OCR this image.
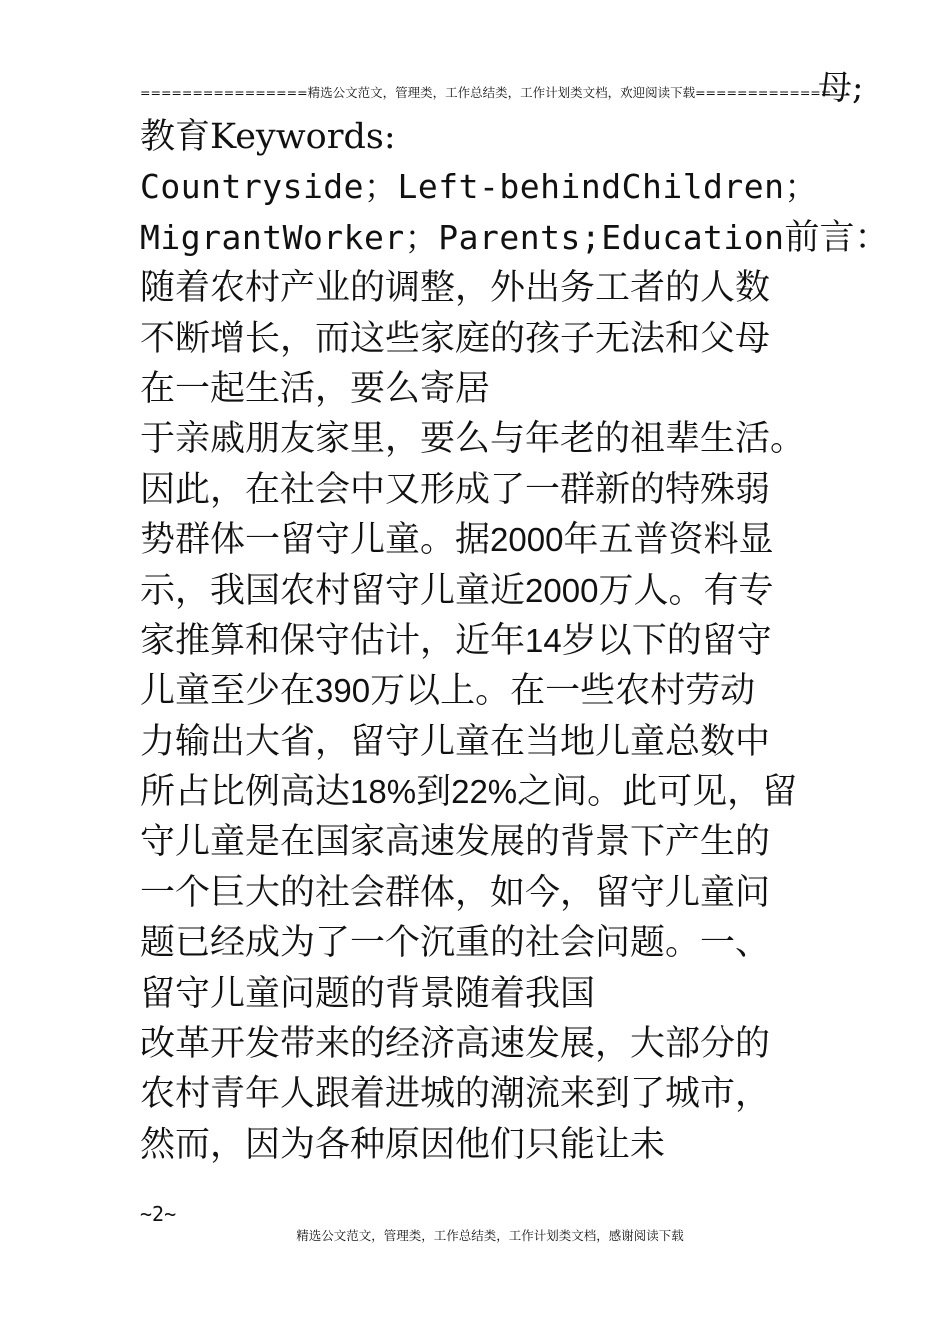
================精选公文范文，管理类，工作总结类，工作计划类文档，欢迎阅读下载=============
母;
教育Keywords:
Countryside；Left-behindChildren；
MigrantWorker；Parents;Education前言：
随着农村产业的调整，外出务工者的人数
不断增长，而这些家庭的孩子无法和父母
在一起生活，要么寄居
于亲戚朋友家里，要么与年老的祖辈生活。
因此，在社会中又形成了一群新的特殊弱
势群体一留守儿童。据2000年五普资料显
示，我国农村留守儿童近2000万人。有专
家推算和保守估计，近年14岁以下的留守
儿童至少在390万以上。在一些农村劳动
力输出大省，留守儿童在当地儿童总数中
所占比例高达18%到22%之间。此可见，留
守儿童是在国家高速发展的背景下产生的
一个巨大的社会群体，如今，留守儿童问
题已经成为了一个沉重的社会问题。一、
留守儿童问题的背景随着我国
改革开发带来的经济高速发展，大部分的
农村青年人跟着进城的潮流来到了城市，
然而，因为各种原因他们只能让未
~2~
精选公文范文，管理类，工作总结类，工作计划类文档，感谢阅读下载
